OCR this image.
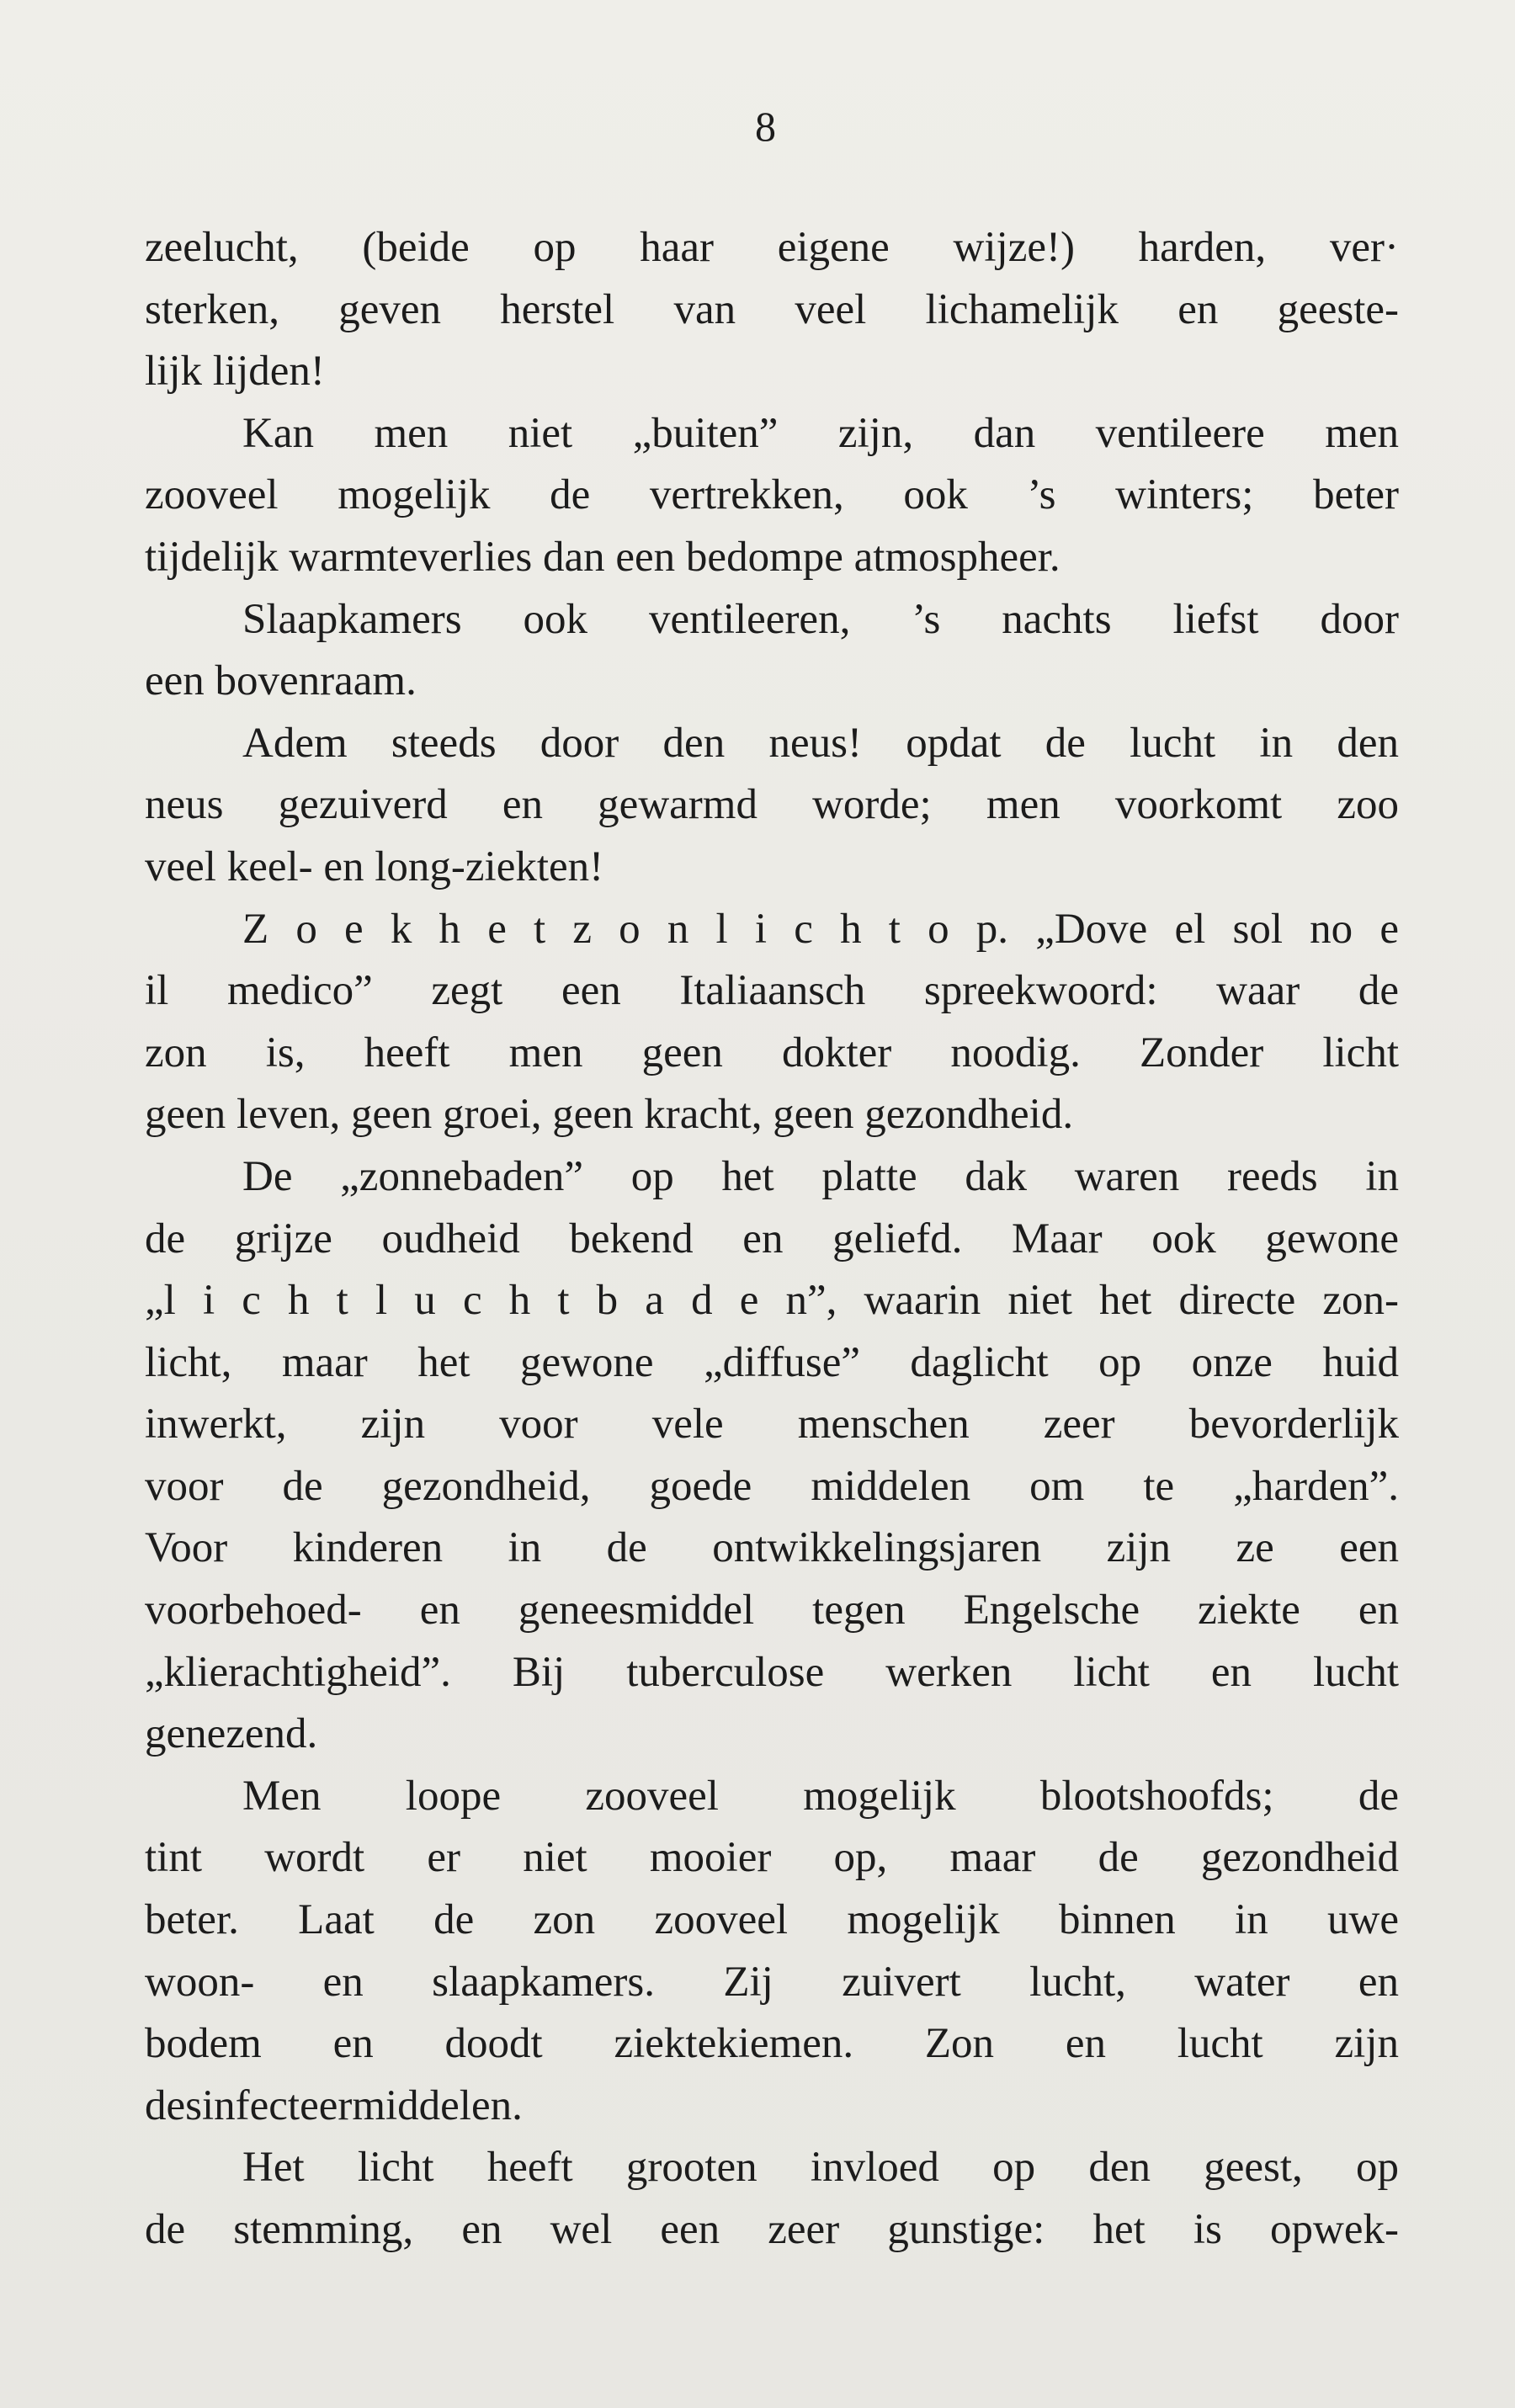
8
zeelucht, (beide op haar eigene wijze!) harden, ver·
sterken, geven herstel van veel lichamelijk en geeste-
lijk lijden!
Kan men niet „buiten” zijn, dan ventileere men
zooveel mogelijk de vertrekken, ook ’s winters; beter
tijdelijk warmteverlies dan een bedompe atmospheer.
Slaapkamers ook ventileeren, ’s nachts liefst door
een bovenraam.
Adem steeds door den neus! opdat de lucht in den
neus gezuiverd en gewarmd worde; men voorkomt zoo
veel keel- en long-ziekten!
Z o e k h e t z o n l i c h t o p. „Dove el sol no e
il medico” zegt een Italiaansch spreekwoord: waar de
zon is, heeft men geen dokter noodig. Zonder licht
geen leven, geen groei, geen kracht, geen gezondheid.
De „zonnebaden” op het platte dak waren reeds in
de grijze oudheid bekend en geliefd. Maar ook gewone
„l i c h t l u c h t b a d e n”, waarin niet het directe zon-
licht, maar het gewone „diffuse” daglicht op onze huid
inwerkt, zijn voor vele menschen zeer bevorderlijk
voor de gezondheid, goede middelen om te „harden”.
Voor kinderen in de ontwikkelingsjaren zijn ze een
voorbehoed- en geneesmiddel tegen Engelsche ziekte en
„klierachtigheid”. Bij tuberculose werken licht en lucht
genezend.
Men loope zooveel mogelijk blootshoofds; de
tint wordt er niet mooier op, maar de gezondheid
beter. Laat de zon zooveel mogelijk binnen in uwe
woon- en slaapkamers. Zij zuivert lucht, water en
bodem en doodt ziektekiemen. Zon en lucht zijn
desinfecteermiddelen.
Het licht heeft grooten invloed op den geest, op
de stemming, en wel een zeer gunstige: het is opwek-
